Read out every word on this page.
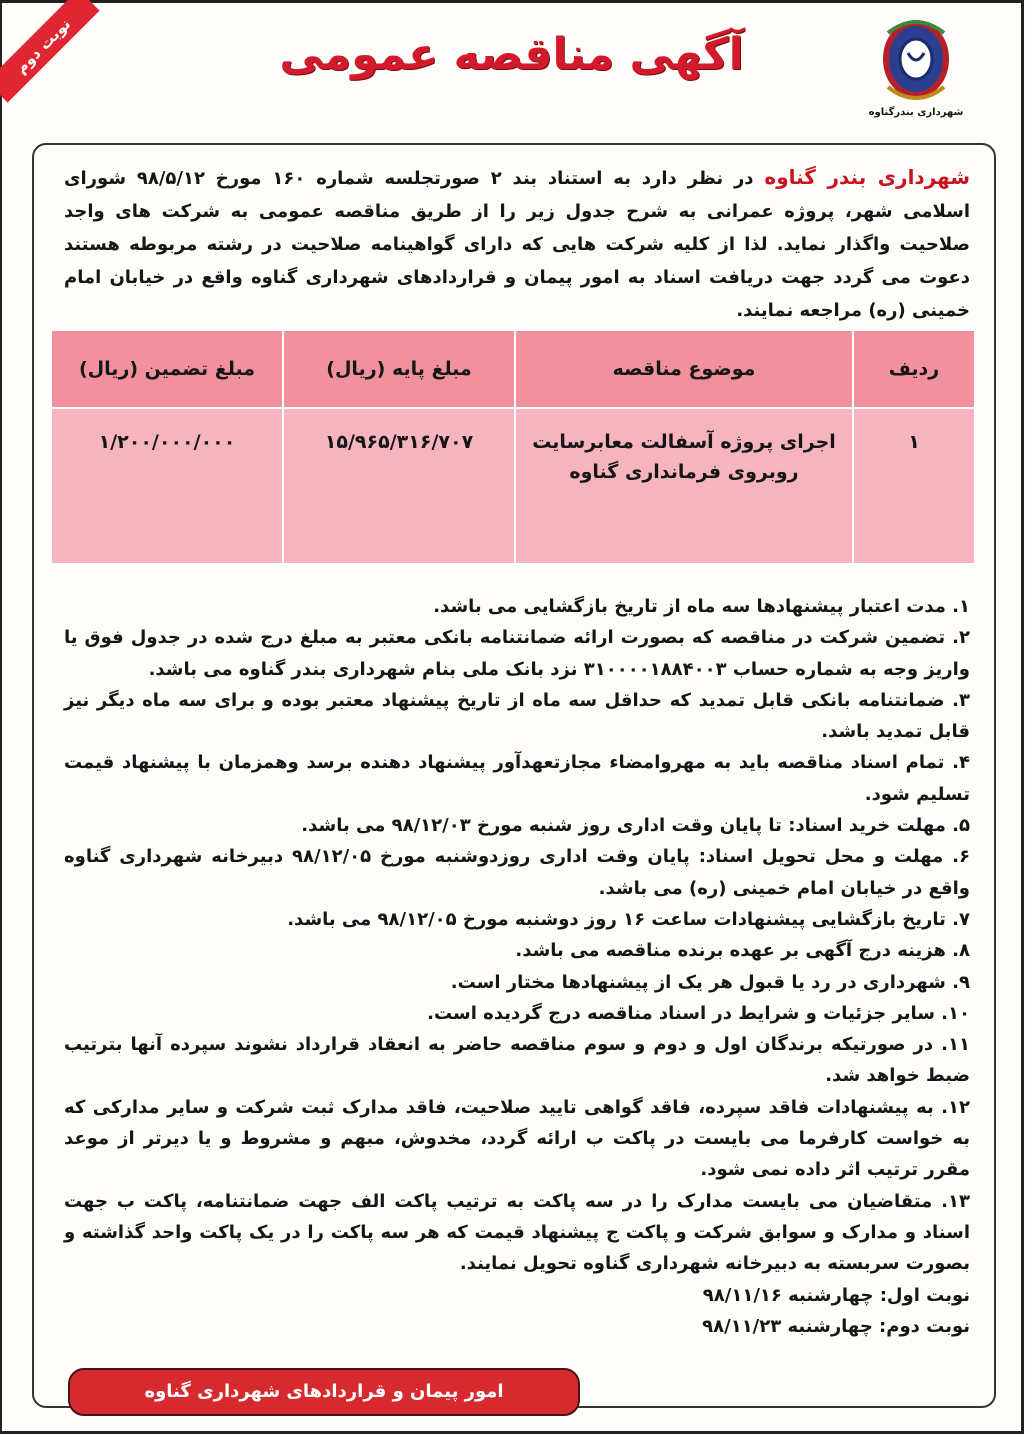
نوبت دوم
شهرداری بندرگناوه
آگهی مناقصه عمومی
شهرداری بندر گناوه در نظر دارد به استناد بند ۲ صورتجلسه شماره ۱۶۰ مورخ ۹۸/۵/۱۲ شورای اسلامی شهر، پروژه عمرانی به شرح جدول زیر را از طریق مناقصه عمومی به شرکت های واجد صلاحیت واگذار نماید. لذا از کلیه شرکت هایی که دارای گواهینامه صلاحیت در رشته مربوطه هستند دعوت می گردد جهت دریافت اسناد به امور پیمان و قراردادهای شهرداری گناوه واقع در خیابان امام خمینی (ره) مراجعه نمایند.
ردیف	موضوع مناقصه	مبلغ پایه (ریال)	مبلغ تضمین (ریال)
۱	اجرای پروژه آسفالت معابرسایت روبروی فرمانداری گناوه	۱۵/۹۶۵/۳۱۶/۷۰۷	۱/۲۰۰/۰۰۰/۰۰۰

۱. مدت اعتبار پیشنهادها سه ماه از تاریخ بازگشایی می باشد.

۲. تضمین شرکت در مناقصه که بصورت ارائه ضمانتنامه بانکی معتبر به مبلغ درج شده در جدول فوق یا واریز وجه به شماره حساب ۳۱۰۰۰۰۱۸۸۴۰۰۳ نزد بانک ملی بنام شهرداری بندر گناوه می باشد.

۳. ضمانتنامه بانکی قابل تمدید که حداقل سه ماه از تاریخ پیشنهاد معتبر بوده و برای سه ماه دیگر نیز قابل تمدید باشد.

۴. تمام اسناد مناقصه باید به مهروامضاء مجازتعهدآور پیشنهاد دهنده برسد وهمزمان با پیشنهاد قیمت تسلیم شود.

۵. مهلت خرید اسناد: تا پایان وقت اداری روز شنبه مورخ ۹۸/۱۲/۰۳ می باشد.

۶. مهلت و محل تحویل اسناد: پایان وقت اداری روزدوشنبه مورخ ۹۸/۱۲/۰۵ دبیرخانه شهرداری گناوه واقع در خیابان امام خمینی (ره) می باشد.

۷. تاریخ بازگشایی پیشنهادات ساعت ۱۶ روز دوشنبه مورخ ۹۸/۱۲/۰۵ می باشد.

۸. هزینه درج آگهی بر عهده برنده مناقصه می باشد.

۹. شهرداری در رد یا قبول هر یک از پیشنهادها مختار است.

۱۰. سایر جزئیات و شرایط در اسناد مناقصه درج گردیده است.

۱۱. در صورتیکه برندگان اول و دوم و سوم مناقصه حاضر به انعقاد قرارداد نشوند سپرده آنها بترتیب ضبط خواهد شد.

۱۲. به پیشنهادات فاقد سپرده، فاقد گواهی تایید صلاحیت، فاقد مدارک ثبت شرکت و سایر مدارکی که به خواست کارفرما می بایست در پاکت ب ارائه گردد، مخدوش، مبهم و مشروط و یا دیرتر از موعد مقرر ترتیب اثر داده نمی شود.

۱۳. متقاضیان می بایست مدارک را در سه پاکت به ترتیب پاکت الف جهت ضمانتنامه، پاکت ب جهت اسناد و مدارک و سوابق شرکت و پاکت ج پیشنهاد قیمت که هر سه پاکت را در یک پاکت واحد گذاشته و بصورت سربسته به دبیرخانه شهرداری گناوه تحویل نمایند.

نوبت اول: چهارشنبه ۹۸/۱۱/۱۶

نوبت دوم: چهارشنبه ۹۸/۱۱/۲۳

امور پیمان و قراردادهای شهرداری گناوه
